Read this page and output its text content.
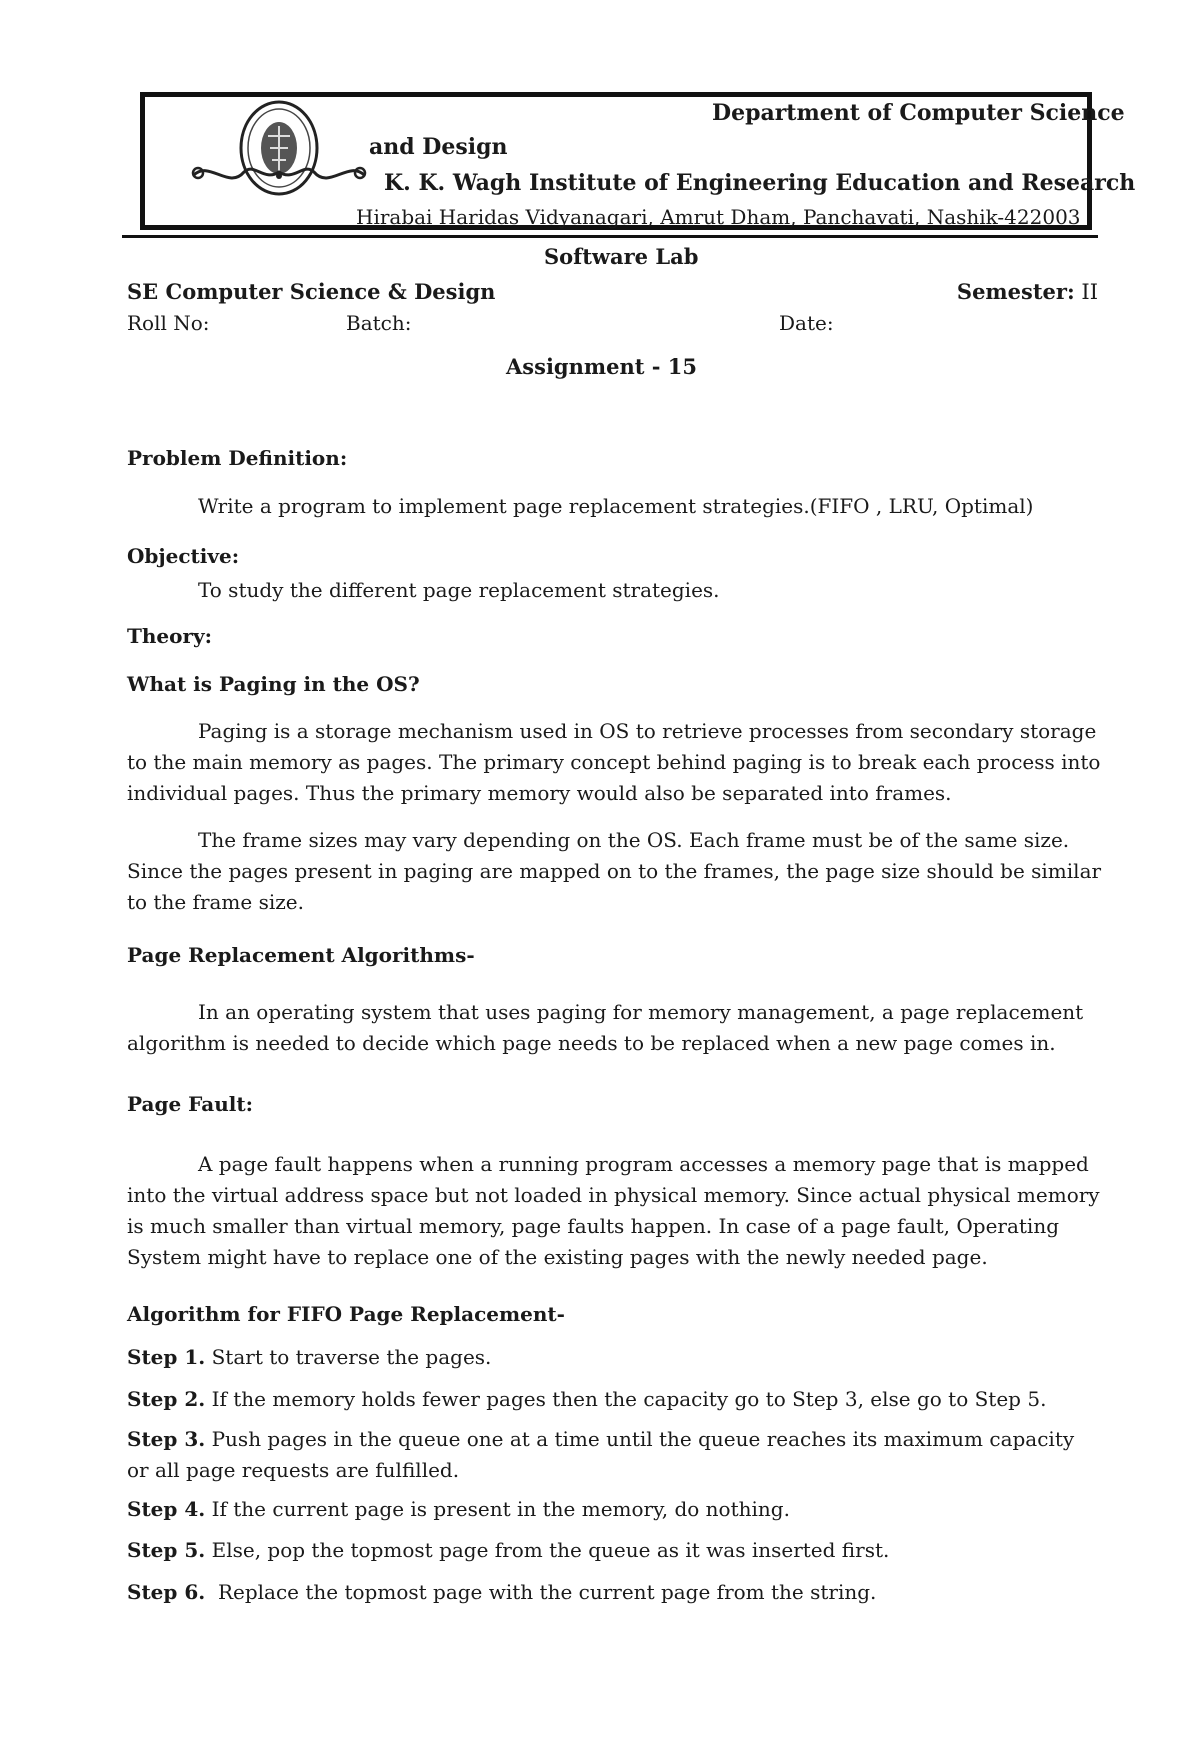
Department of Computer Science
and Design
K. K. Wagh Institute of Engineering Education and Research
Hirabai Haridas Vidyanagari, Amrut Dham, Panchavati, Nashik-422003
Software Lab
SE Computer Science & Design	Semester: II
Roll No:	Batch:	Date:
Assignment - 15
Problem Definition:
Write a program to implement page replacement strategies.(FIFO , LRU, Optimal)
Objective:
To study the different page replacement strategies.
Theory:
What is Paging in the OS?
Paging is a storage mechanism used in OS to retrieve processes from secondary storage to the main memory as pages. The primary concept behind paging is to break each process into individual pages. Thus the primary memory would also be separated into frames.
The frame sizes may vary depending on the OS. Each frame must be of the same size. Since the pages present in paging are mapped on to the frames, the page size should be similar to the frame size.
Page Replacement Algorithms-
In an operating system that uses paging for memory management, a page replacement algorithm is needed to decide which page needs to be replaced when a new page comes in.
Page Fault:
A page fault happens when a running program accesses a memory page that is mapped into the virtual address space but not loaded in physical memory. Since actual physical memory is much smaller than virtual memory, page faults happen. In case of a page fault, Operating System might have to replace one of the existing pages with the newly needed page.
Algorithm for FIFO Page Replacement-
Step 1. Start to traverse the pages.
Step 2. If the memory holds fewer pages then the capacity go to Step 3, else go to Step 5.
Step 3. Push pages in the queue one at a time until the queue reaches its maximum capacity or all page requests are fulfilled.
Step 4. If the current page is present in the memory, do nothing.
Step 5. Else, pop the topmost page from the queue as it was inserted first.
Step 6.  Replace the topmost page with the current page from the string.
